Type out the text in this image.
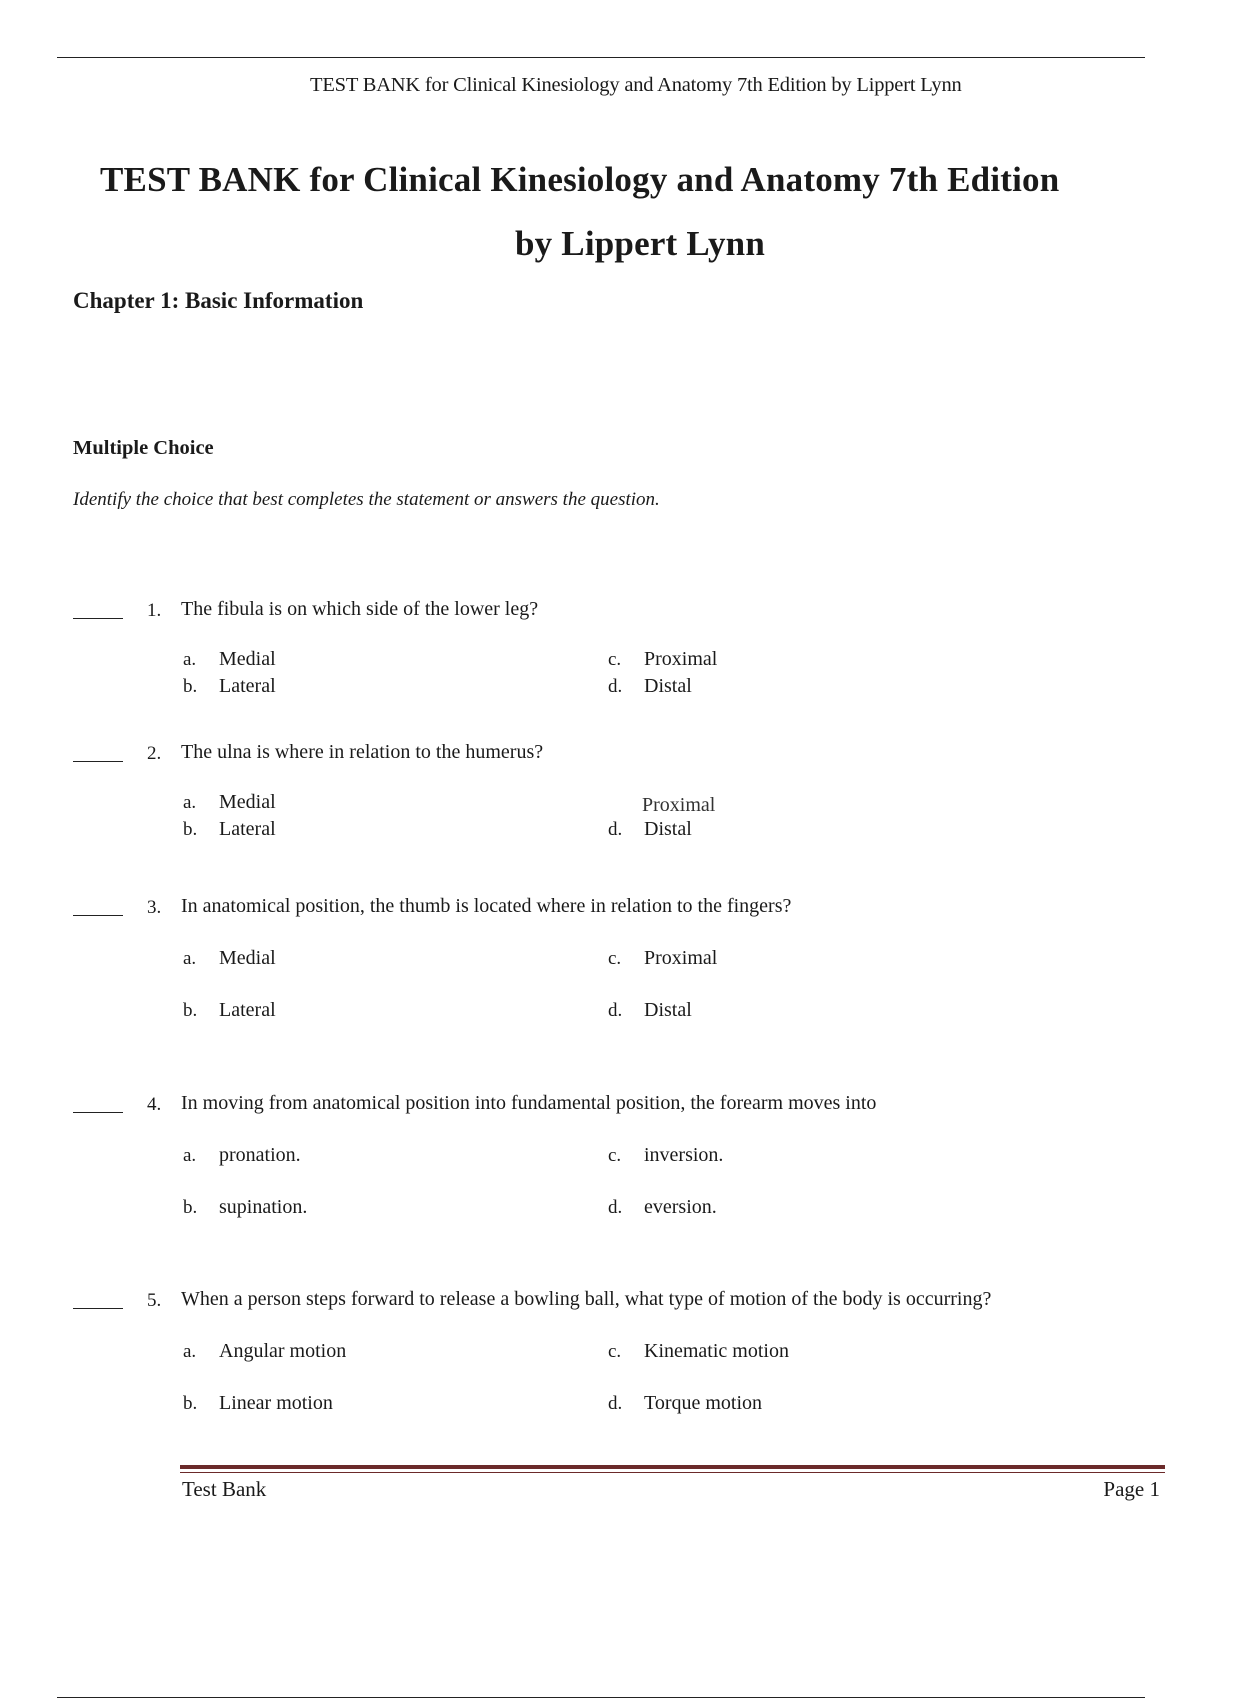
TEST BANK for Clinical Kinesiology and Anatomy 7th Edition by Lippert Lynn
TEST BANK for Clinical Kinesiology and Anatomy 7th Edition
by Lippert Lynn
Chapter 1: Basic Information
Multiple Choice
Identify the choice that best completes the statement or answers the question.
1. The fibula is on which side of the lower leg?
a. Medial
b. Lateral
c. Proximal
d. Distal
2. The ulna is where in relation to the humerus?
a. Medial
b. Lateral
Proximal
d. Distal
3. In anatomical position, the thumb is located where in relation to the fingers?
a. Medial
b. Lateral
c. Proximal
d. Distal
4. In moving from anatomical position into fundamental position, the forearm moves into
a. pronation.
b. supination.
c. inversion.
d. eversion.
5. When a person steps forward to release a bowling ball, what type of motion of the body is occurring?
a. Angular motion
b. Linear motion
c. Kinematic motion
d. Torque motion
Test Bank	Page 1
